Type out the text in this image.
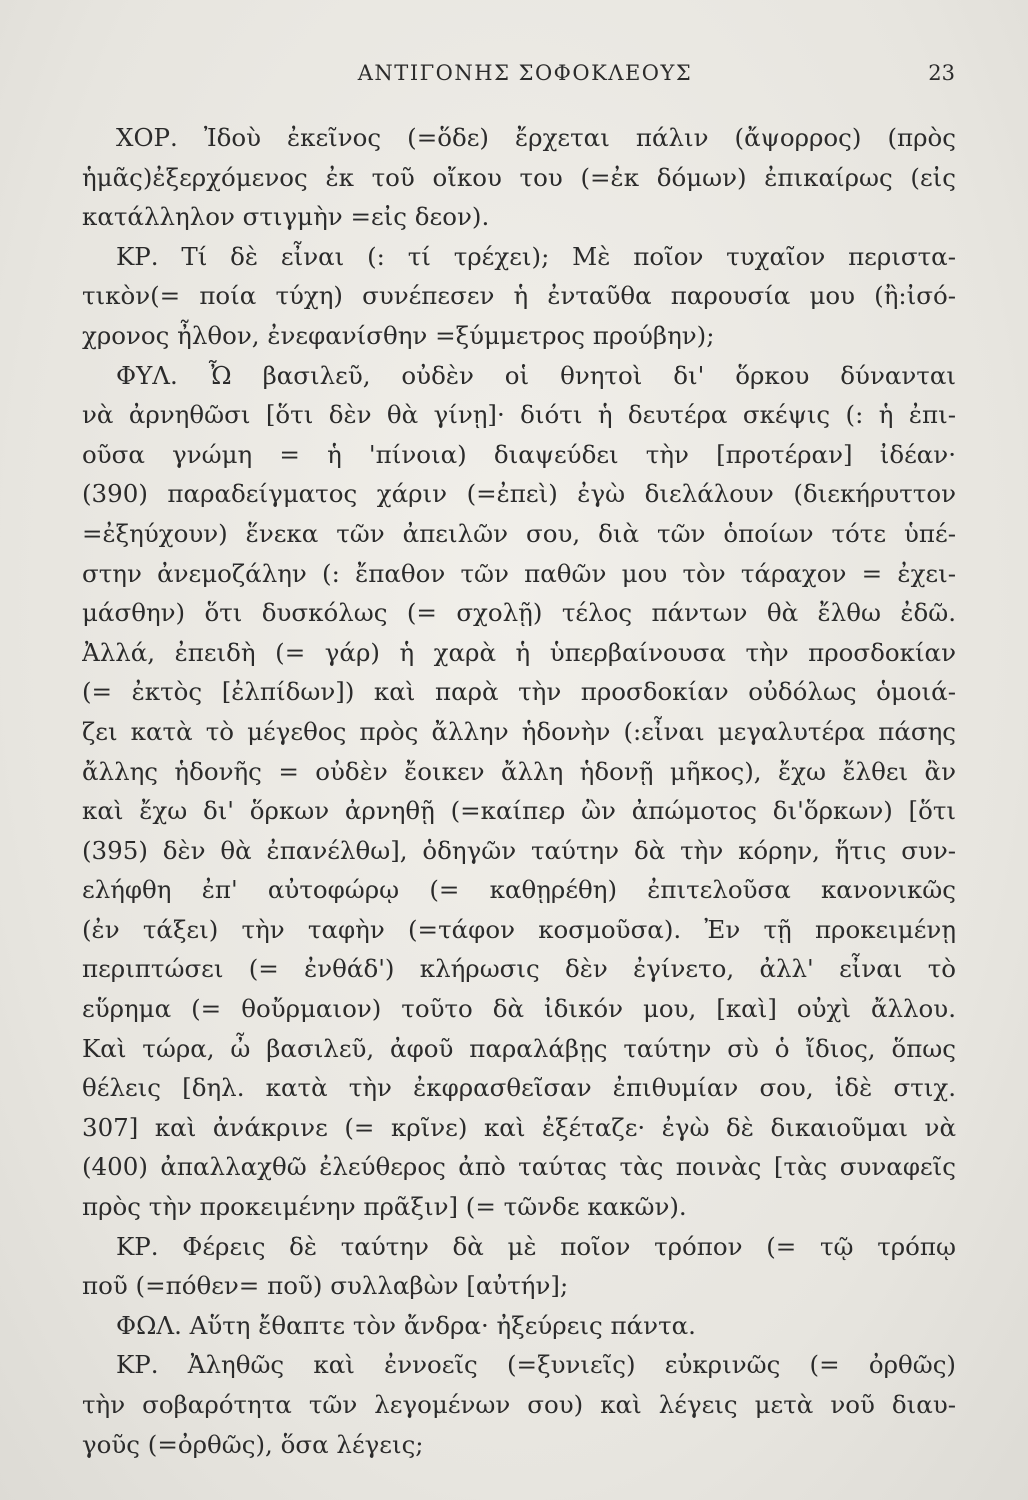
ΑΝΤΙΓΟΝΗΣ ΣΟΦΟΚΛΕΟΥΣ	23
ΧΟΡ. Ἰδοὺ ἐκεῖνος (=ὅδε) ἔρχεται πάλιν (ἄψορρος) (πρὸς
ἡμᾶς)ἐξερχόμενος ἐκ τοῦ οἴκου του (=ἐκ δόμων) ἐπικαίρως (εἰς
κατάλληλον στιγμὴν =εἰς δεον).
ΚΡ. Τί δὲ εἶναι (: τί τρέχει); Μὲ ποῖον τυχαῖον περιστα-
τικὸν(= ποία τύχη) συνέπεσεν ἡ ἐνταῦθα παρουσία μου (ἢ:ἰσό-
χρονος ἦλθον, ἐνεφανίσθην =ξύμμετρος προύβην);
ΦΥΛ. Ὦ βασιλεῦ, οὐδὲν οἱ θνητοὶ δι' ὅρκου δύνανται
νὰ ἀρνηθῶσι [ὅτι δὲν θὰ γίνῃ]· διότι ἡ δευτέρα σκέψις (: ἡ ἐπι-
οῦσα γνώμη = ἡ 'πίνοια) διαψεύδει τὴν [προτέραν] ἰδέαν·
(390) παραδείγματος χάριν (=ἐπεὶ) ἐγὼ διελάλουν (διεκήρυττον
=ἐξηύχουν) ἕνεκα τῶν ἀπειλῶν σου, διὰ τῶν ὁποίων τότε ὑπέ-
στην ἀνεμοζάλην (: ἔπαθον τῶν παθῶν μου τὸν τάραχον = ἐχει-
μάσθην) ὅτι δυσκόλως (= σχολῇ) τέλος πάντων θὰ ἔλθω ἐδῶ.
Ἀλλά, ἐπειδὴ (= γάρ) ἡ χαρὰ ἡ ὑπερβαίνουσα τὴν προσδοκίαν
(= ἐκτὸς [ἐλπίδων]) καὶ παρὰ τὴν προσδοκίαν οὐδόλως ὁμοιά-
ζει κατὰ τὸ μέγεθος πρὸς ἄλλην ἡδονὴν (:εἶναι μεγαλυτέρα πάσης
ἄλλης ἡδονῆς = οὐδὲν ἔοικεν ἄλλη ἡδονῇ μῆκος), ἔχω ἔλθει ἂν
καὶ ἔχω δι' ὅρκων ἀρνηθῇ (=καίπερ ὢν ἀπώμοτος δι'ὅρκων) [ὅτι
(395) δὲν θὰ ἐπανέλθω], ὁδηγῶν ταύτην δὰ τὴν κόρην, ἥτις συν-
ελήφθη ἐπ' αὐτοφώρῳ (= καθῃρέθη) ἐπιτελοῦσα κανονικῶς
(ἐν τάξει) τὴν ταφὴν (=τάφον κοσμοῦσα). Ἐν τῇ προκειμένῃ
περιπτώσει (= ἐνθάδ') κλήρωσις δὲν ἐγίνετο, ἀλλ' εἶναι τὸ
εὕρημα (= θοὔρμαιον) τοῦτο δὰ ἰδικόν μου, [καὶ] οὐχὶ ἄλλου.
Καὶ τώρα, ὦ βασιλεῦ, ἀφοῦ παραλάβῃς ταύτην σὺ ὁ ἴδιος, ὅπως
θέλεις [δηλ. κατὰ τὴν ἐκφρασθεῖσαν ἐπιθυμίαν σου, ἰδὲ στιχ.
307] καὶ ἀνάκρινε (= κρῖνε) καὶ ἐξέταζε· ἐγὼ δὲ δικαιοῦμαι νὰ
(400) ἀπαλλαχθῶ ἐλεύθερος ἀπὸ ταύτας τὰς ποινὰς [τὰς συναφεῖς
πρὸς τὴν προκειμένην πρᾶξιν] (= τῶνδε κακῶν).
ΚΡ. Φέρεις δὲ ταύτην δὰ μὲ ποῖον τρόπον (= τῷ τρόπῳ
ποῦ (=πόθεν= ποῦ) συλλαβὼν [αὐτήν];
ΦΩΛ. Αὕτη ἔθαπτε τὸν ἄνδρα· ἠξεύρεις πάντα.
ΚΡ. Ἀληθῶς καὶ ἐννοεῖς (=ξυνιεῖς) εὐκρινῶς (= ὀρθῶς)
τὴν σοβαρότητα τῶν λεγομένων σου) καὶ λέγεις μετὰ νοῦ διαυ-
γοῦς (=ὀρθῶς), ὅσα λέγεις;
